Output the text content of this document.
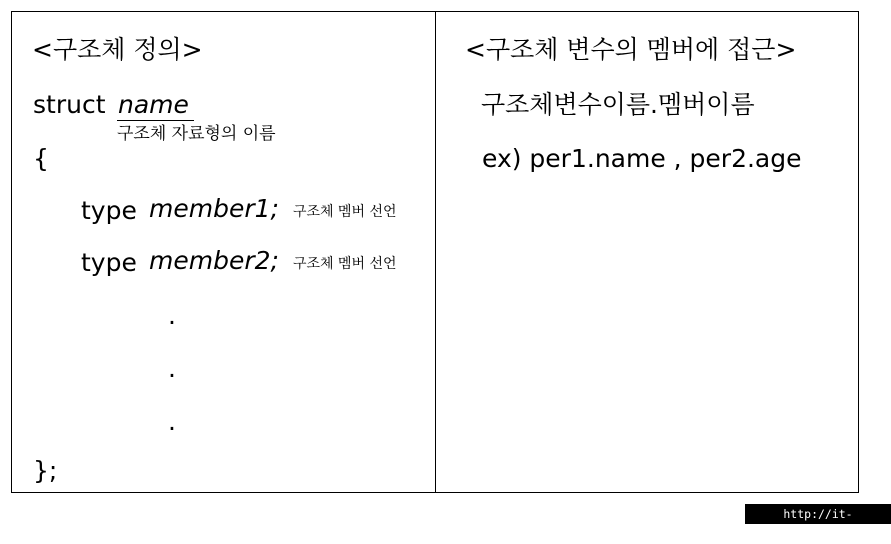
<구조체 정의>
struct name
구조체 자료형의 이름
{
type member1; 구조체 멤버 선언
type member2; 구조체 멤버 선언
.
.
.
};
<구조체 변수의 멤버에 접근>
구조체변수이름.멤버이름
ex) per1.name , per2.age
http://it-bug.tistory.com
